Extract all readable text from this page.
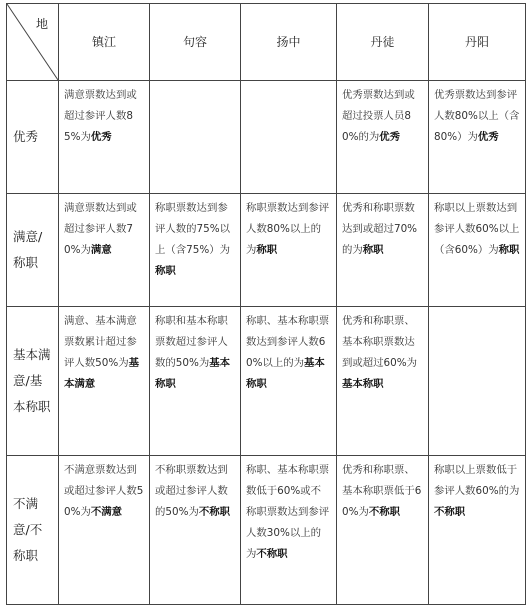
地	镇江	句容	扬中	丹徒	丹阳
优秀	满意票数达到或超过参评人数85%为优秀			优秀票数达到或超过投票人员80%的为优秀	优秀票数达到参评人数80%以上（含80%）为优秀
满意/称职	满意票数达到或超过参评人数70%为满意	称职票数达到参评人数的75%以上（含75%）为称职	称职票数达到参评人数80%以上的为称职	优秀和称职票数达到或超过70%的为称职	称职以上票数达到参评人数60%以上（含60%）为称职
基本满意/基本称职	满意、基本满意票数累计超过参评人数50%为基本满意	称职和基本称职票数超过参评人数的50%为基本称职	称职、基本称职票数达到参评人数60%以上的为基本称职	优秀和称职票、基本称职票数达到或超过60%为基本称职	
不满意/不称职	不满意票数达到或超过参评人数50%为不满意	不称职票数达到或超过参评人数的50%为不称职	称职、基本称职票数低于60%或不称职票数达到参评人数30%以上的为不称职	优秀和称职票、基本称职票低于60%为不称职	称职以上票数低于参评人数60%的为不称职
